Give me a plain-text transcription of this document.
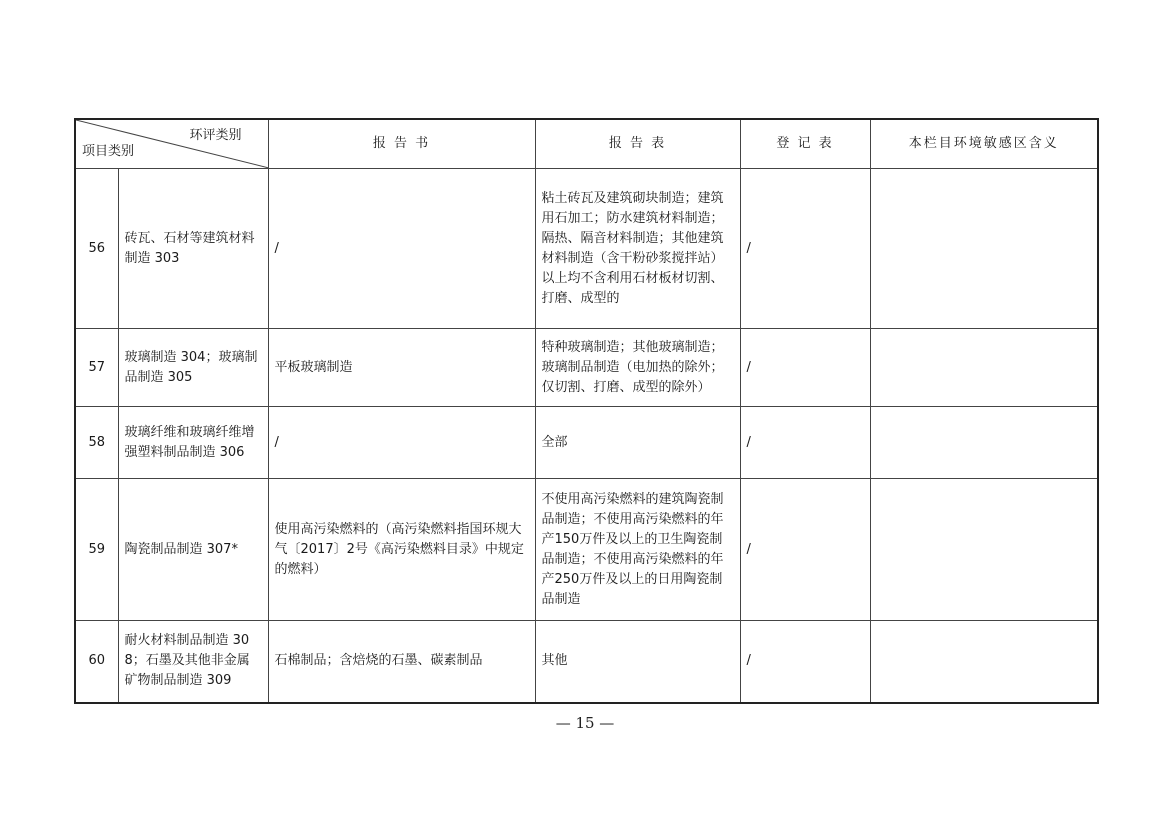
环评类别
项目类别		报 告 书	报 告 表	登 记 表	本栏目环境敏感区含义
56	砖瓦、石材等建筑材料制造 303	/	粘土砖瓦及建筑砌块制造；建筑用石加工；防水建筑材料制造；隔热、隔音材料制造；其他建筑材料制造（含干粉砂浆搅拌站）
以上均不含利用石材板材切割、打磨、成型的	/	
57	玻璃制造 304；玻璃制品制造 305	平板玻璃制造	特种玻璃制造；其他玻璃制造；玻璃制品制造（电加热的除外；仅切割、打磨、成型的除外）	/	
58	玻璃纤维和玻璃纤维增强塑料制品制造 306	/	全部	/	
59	陶瓷制品制造 307*	使用高污染燃料的（高污染燃料指国环规大气〔2017〕2号《高污染燃料目录》中规定的燃料）	不使用高污染燃料的建筑陶瓷制品制造；不使用高污染燃料的年产150万件及以上的卫生陶瓷制品制造；不使用高污染燃料的年产250万件及以上的日用陶瓷制品制造	/	
60	耐火材料制品制造 308；石墨及其他非金属矿物制品制造 309	石棉制品；含焙烧的石墨、碳素制品	其他	/	
— 15 —
